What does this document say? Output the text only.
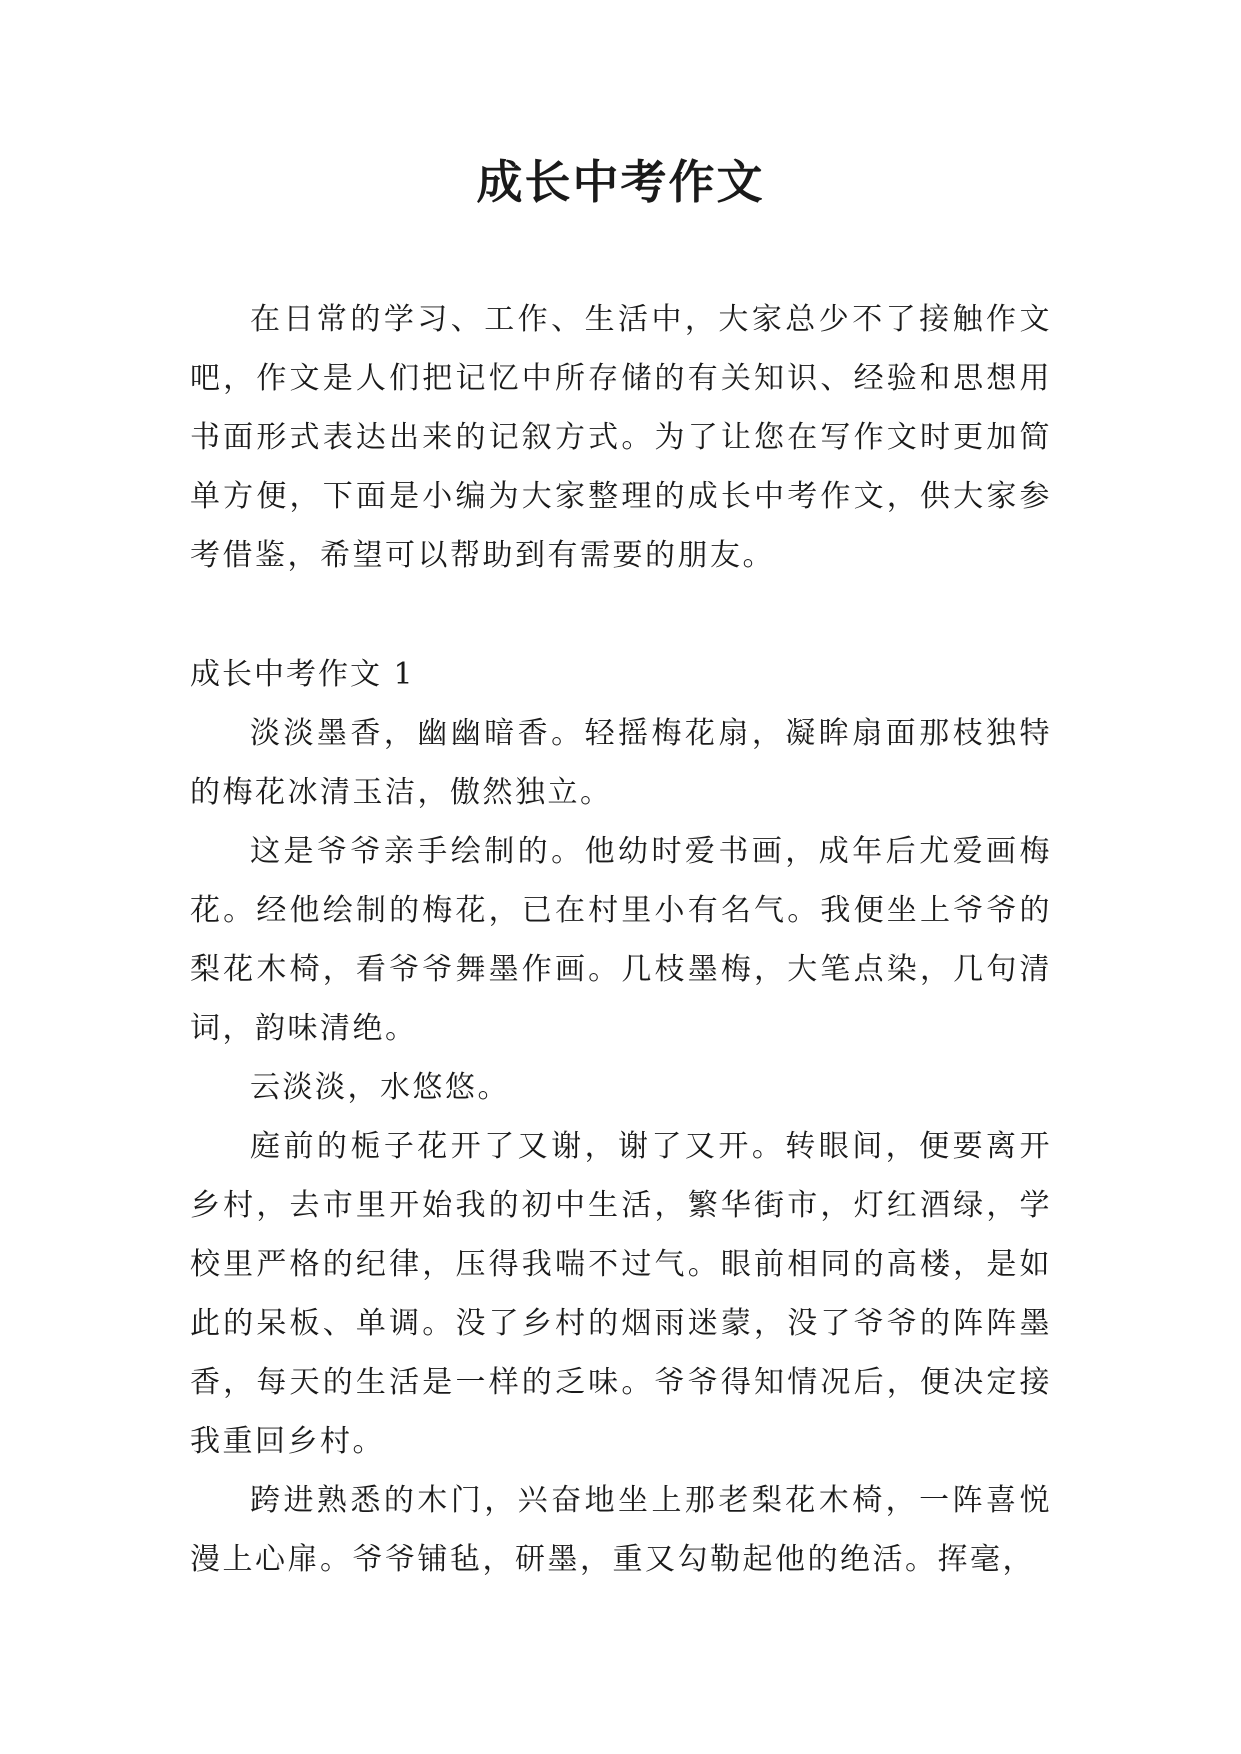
成长中考作文

在日常的学习、工作、生活中，大家总少不了接触作文吧，作文是人们把记忆中所存储的有关知识、经验和思想用书面形式表达出来的记叙方式。为了让您在写作文时更加简单方便，下面是小编为大家整理的成长中考作文，供大家参考借鉴，希望可以帮助到有需要的朋友。

成长中考作文 1

淡淡墨香，幽幽暗香。轻摇梅花扇，凝眸扇面那枝独特的梅花冰清玉洁，傲然独立。

这是爷爷亲手绘制的。他幼时爱书画，成年后尤爱画梅花。经他绘制的梅花，已在村里小有名气。我便坐上爷爷的梨花木椅，看爷爷舞墨作画。几枝墨梅，大笔点染，几句清词，韵味清绝。

云淡淡，水悠悠。

庭前的栀子花开了又谢，谢了又开。转眼间，便要离开乡村，去市里开始我的初中生活，繁华街市，灯红酒绿，学校里严格的纪律，压得我喘不过气。眼前相同的高楼，是如此的呆板、单调。没了乡村的烟雨迷蒙，没了爷爷的阵阵墨香，每天的生活是一样的乏味。爷爷得知情况后，便决定接我重回乡村。

跨进熟悉的木门，兴奋地坐上那老梨花木椅，一阵喜悦漫上心扉。爷爷铺毡，研墨，重又勾勒起他的绝活。挥毫，
